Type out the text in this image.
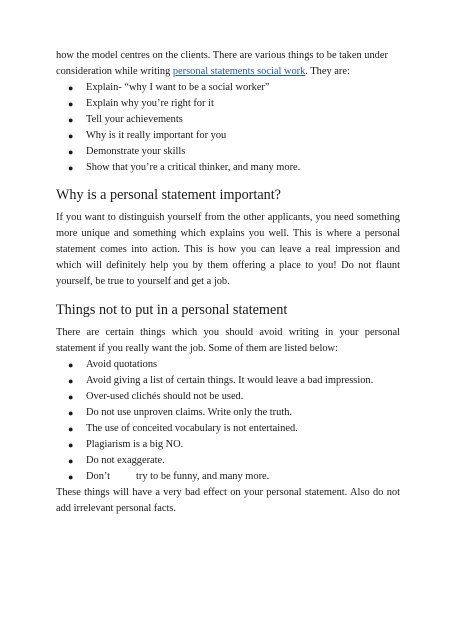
how the model centres on the clients. There are various things to be taken under
consideration while writing personal statements social work. They are:

● Explain- “why I want to be a social worker”
● Explain why you’re right for it
● Tell your achievements
● Why is it really important for you
● Demonstrate your skills
● Show that you’re a critical thinker, and many more.
Why is a personal statement important?

If you want to distinguish yourself from the other applicants, you need something more unique and something which explains you well. This is where a personal statement comes into action. This is how you can leave a real impression and which will definitely help you by them offering a place to you! Do not flaunt yourself, be true to yourself and get a job.

Things not to put in a personal statement

There are certain things which you should avoid writing in your personal statement if you really want the job. Some of them are listed below:

● Avoid quotations
● Avoid giving a list of certain things. It would leave a bad impression.
● Over-used clichés should not be used.
● Do not use unproven claims. Write only the truth.
● The use of conceited vocabulary is not entertained.
● Plagiarism is a big NO.
● Do not exaggerate.
● Don’t          try to be funny, and many more.

These things will have a very bad effect on your personal statement. Also do not add irrelevant personal facts.
